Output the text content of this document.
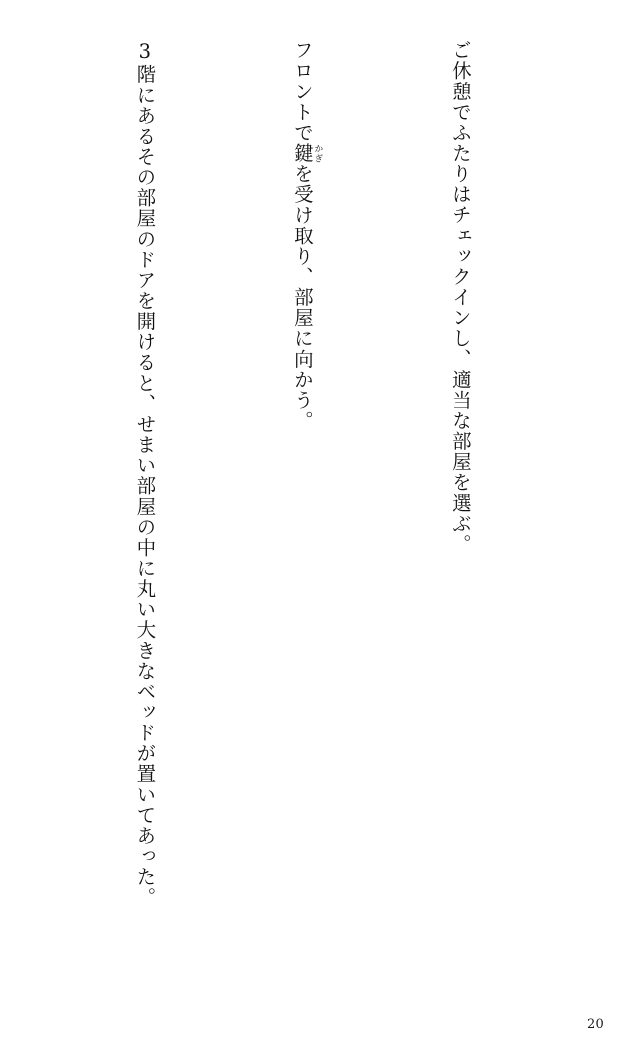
ご休憩でふたりはチェックインし、適当な部屋を選ぶ。

フロントで鍵かぎを受け取り、部屋に向かう。

3階にあるその部屋のドアを開けると、せまい部屋の中に丸い大きなベッドが置いてあった。

20
